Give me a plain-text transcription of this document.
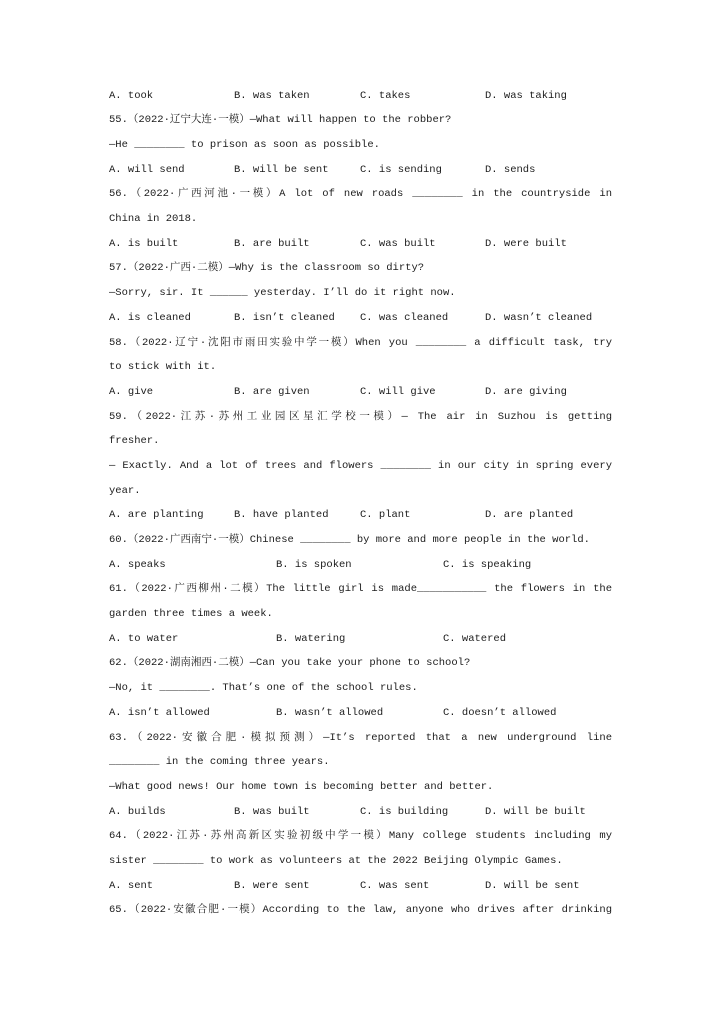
A. took	B. was taken	C. takes	D. was taking
55.（2022·辽宁大连·一模）—What will happen to the robber?
—He ________ to prison as soon as possible.
A. will send	B. will be sent	C. is sending	D. sends
56.（2022·广西河池·一模）A lot of new roads ________ in the countryside in
China in 2018.
A. is built	B. are built	C. was built	D. were built
57.（2022·广西·二模）—Why is the classroom so dirty?
—Sorry, sir. It ______ yesterday. I’ll do it right now.
A. is cleaned	B. isn’t cleaned C. was cleaned	D. wasn’t cleaned
58.（2022·辽宁·沈阳市雨田实验中学一模）When you ________ a difficult task, try
to stick with it.
A. give	B. are given	C. will give	D. are giving
59.（2022·江苏·苏州工业园区星汇学校一模）— The air in Suzhou is getting
fresher.
— Exactly. And a lot of trees and flowers ________ in our city in spring every
year.
A. are planting	B. have planted	C. plant	D. are planted
60.（2022·广西南宁·一模）Chinese ________ by more and more people in the world.
A. speaks	B. is spoken	C. is speaking
61.（2022·广西柳州·二模）The little girl is made___________ the flowers in the
garden three times a week.
A. to water	B. watering	C. watered
62.（2022·湖南湘西·二模）—Can you take your phone to school?
—No, it ________. That’s one of the school rules.
A. isn’t allowed	B. wasn’t allowed	C. doesn’t allowed
63.（2022·安徽合肥·模拟预测）—It’s reported that a new underground line
________ in the coming three years.
—What good news! Our home town is becoming better and better.
A. builds	B. was built	C. is building	D. will be built
64.（2022·江苏·苏州高新区实验初级中学一模）Many college students including my
sister ________ to work as volunteers at the 2022 Beijing Olympic Games.
A. sent	B. were sent	C. was sent	D. will be sent
65.（2022·安徽合肥·一模）According to the law, anyone who drives after drinking
